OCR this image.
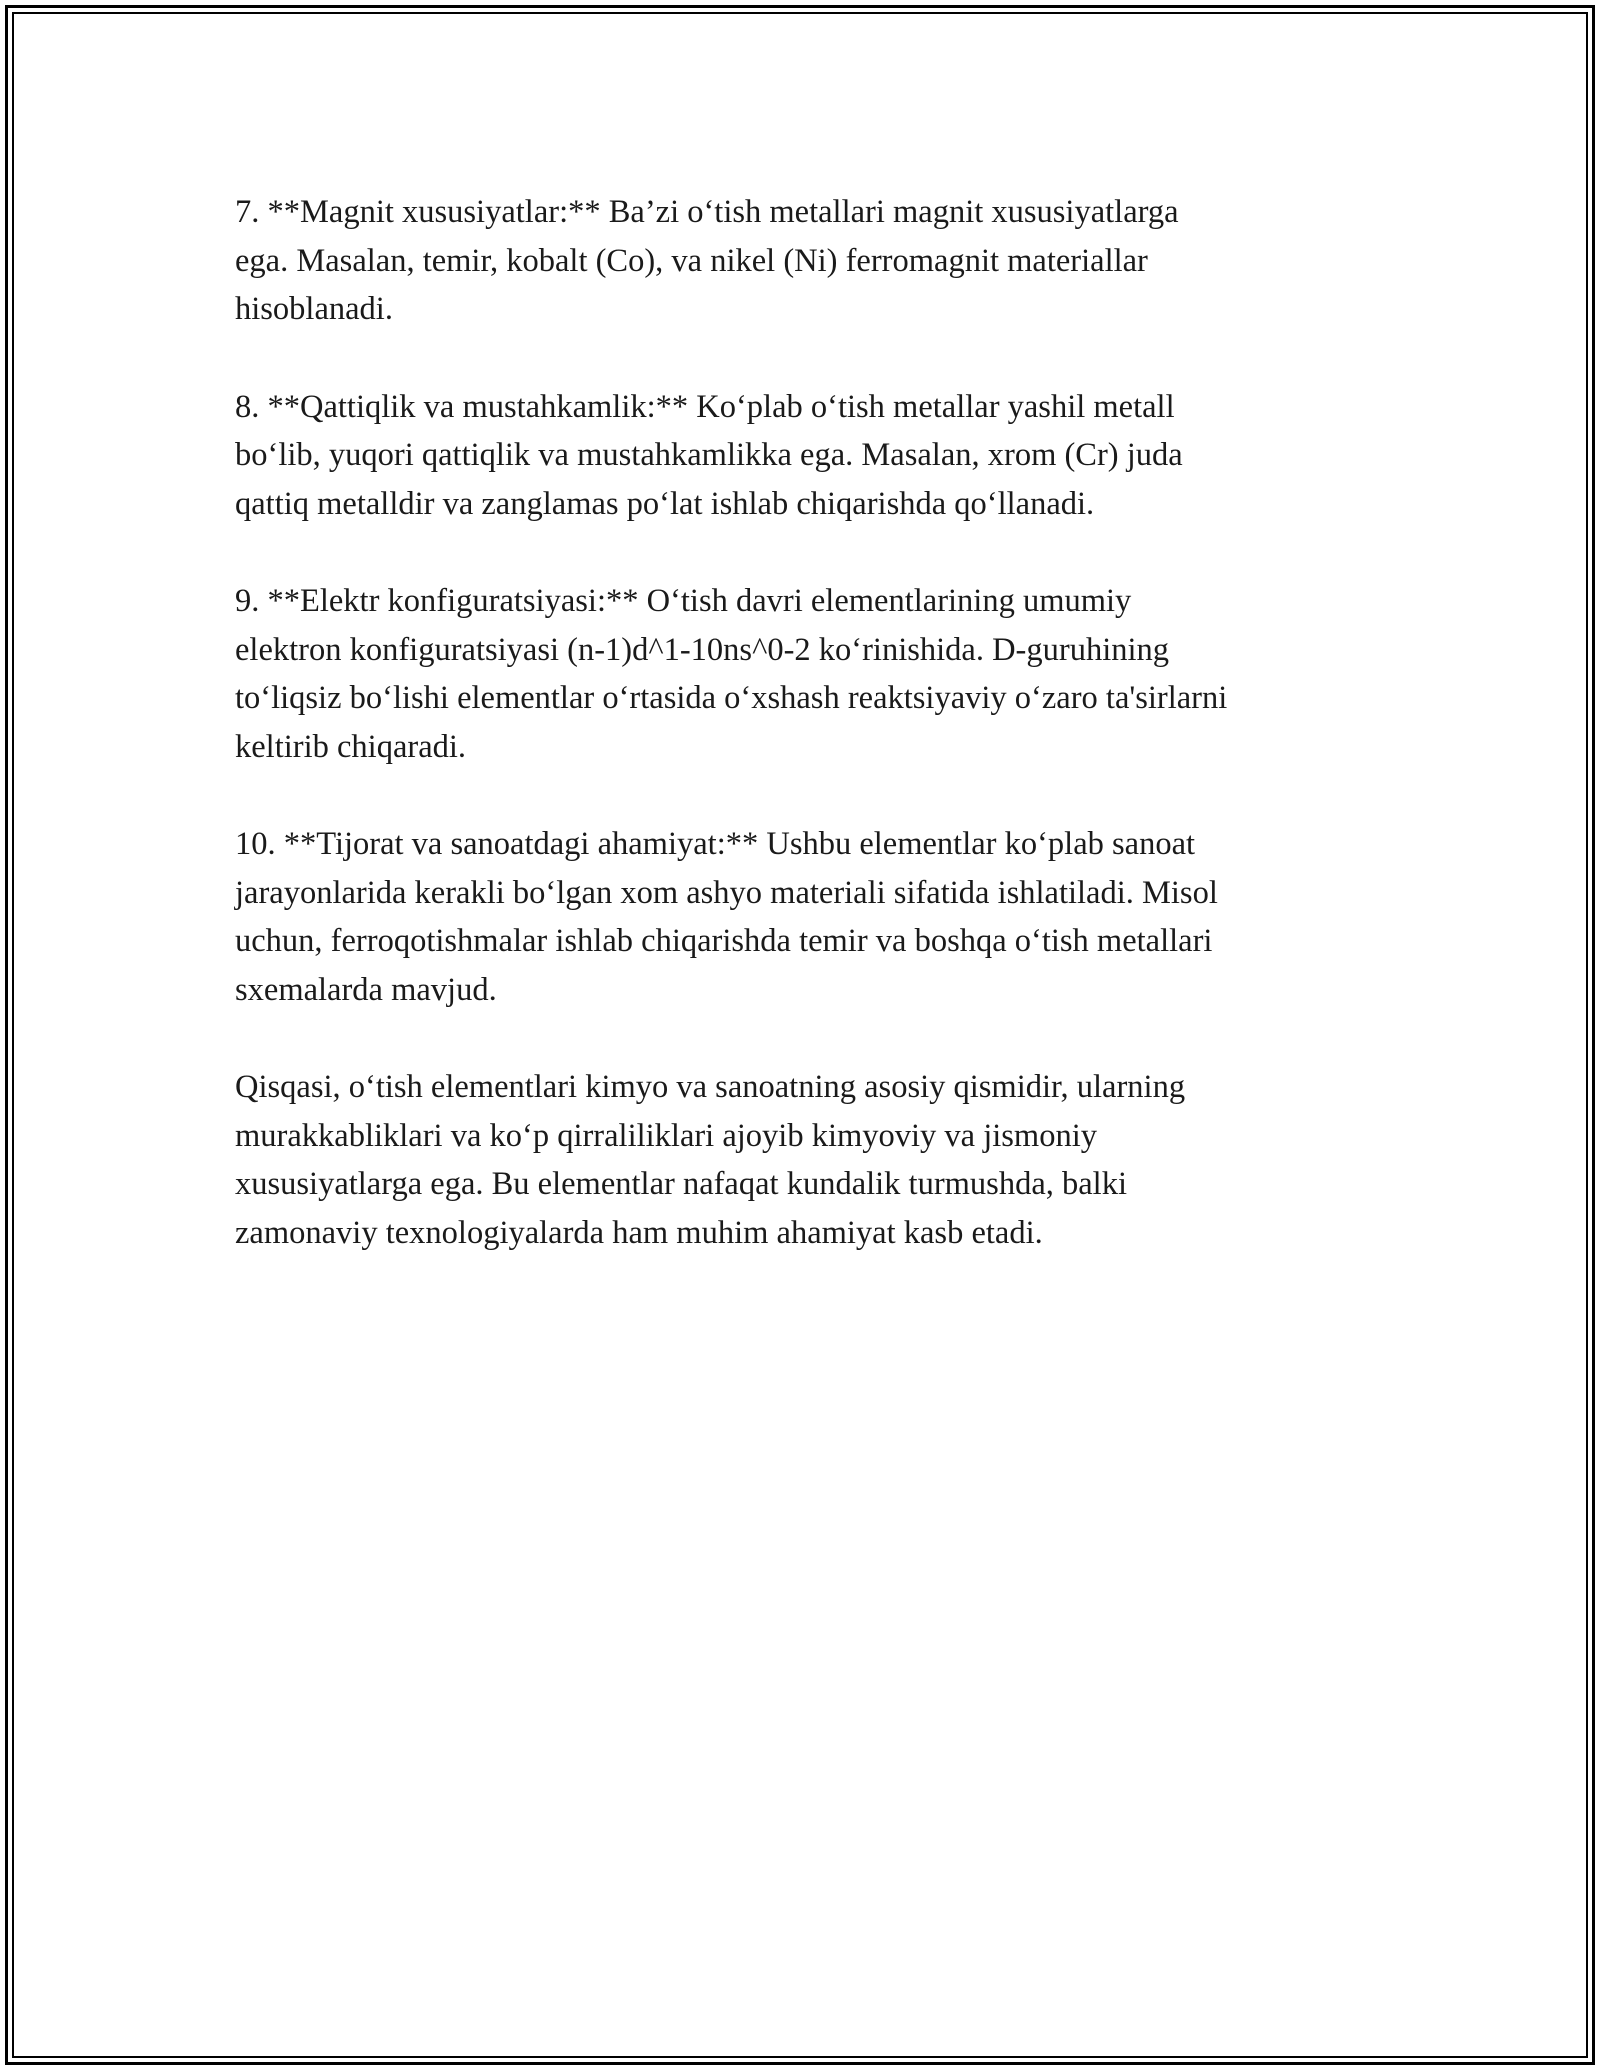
7. **Magnit xususiyatlar:** Ba’zi o‘tish metallari magnit xususiyatlarga
ega. Masalan, temir, kobalt (Co), va nikel (Ni) ferromagnit materiallar
hisoblanadi.

8. **Qattiqlik va mustahkamlik:** Ko‘plab o‘tish metallar yashil metall
bo‘lib, yuqori qattiqlik va mustahkamlikka ega. Masalan, xrom (Cr) juda
qattiq metalldir va zanglamas po‘lat ishlab chiqarishda qo‘llanadi.

9. **Elektr konfiguratsiyasi:** O‘tish davri elementlarining umumiy
elektron konfiguratsiyasi (n-1)d^1-10ns^0-2 ko‘rinishida. D-guruhining
to‘liqsiz bo‘lishi elementlar o‘rtasida o‘xshash reaktsiyaviy o‘zaro ta'sirlarni
keltirib chiqaradi.

10. **Tijorat va sanoatdagi ahamiyat:** Ushbu elementlar ko‘plab sanoat
jarayonlarida kerakli bo‘lgan xom ashyo materiali sifatida ishlatiladi. Misol
uchun, ferroqotishmalar ishlab chiqarishda temir va boshqa o‘tish metallari
sxemalarda mavjud.

Qisqasi, o‘tish elementlari kimyo va sanoatning asosiy qismidir, ularning
murakkabliklari va ko‘p qirraliliklari ajoyib kimyoviy va jismoniy
xususiyatlarga ega. Bu elementlar nafaqat kundalik turmushda, balki
zamonaviy texnologiyalarda ham muhim ahamiyat kasb etadi.
